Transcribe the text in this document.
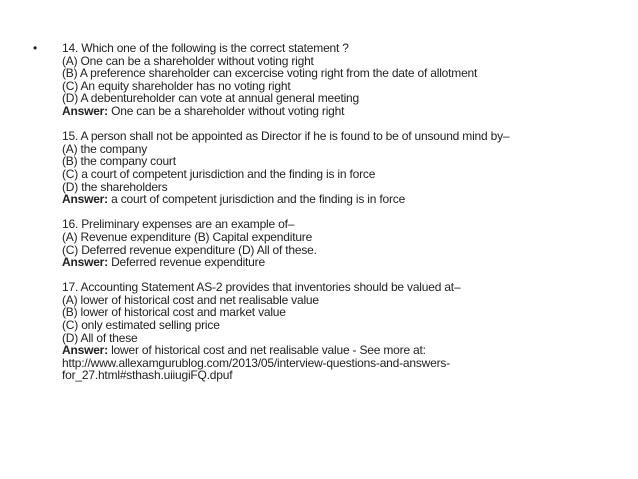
• 14. Which one of the following is the correct statement ?
(A) One can be a shareholder without voting right
(B) A preference shareholder can excercise voting right from the date of allotment
(C) An equity shareholder has no voting right
(D) A debentureholder can vote at annual general meeting
Answer: One can be a shareholder without voting right
15. A person shall not be appointed as Director if he is found to be of unsound mind by–
(A) the company
(B) the company court
(C) a court of competent jurisdiction and the finding is in force
(D) the shareholders
Answer: a court of competent jurisdiction and the finding is in force
16. Preliminary expenses are an example of–
(A) Revenue expenditure (B) Capital expenditure
(C) Deferred revenue expenditure (D) All of these.
Answer: Deferred revenue expenditure
17. Accounting Statement AS-2 provides that inventories should be valued at–
(A) lower of historical cost and net realisable value
(B) lower of historical cost and market value
(C) only estimated selling price
(D) All of these
Answer: lower of historical cost and net realisable value - See more at:
http://www.allexamgurublog.com/2013/05/interview-questions-and-answers-
for_27.html#sthash.uiiugiFQ.dpuf
